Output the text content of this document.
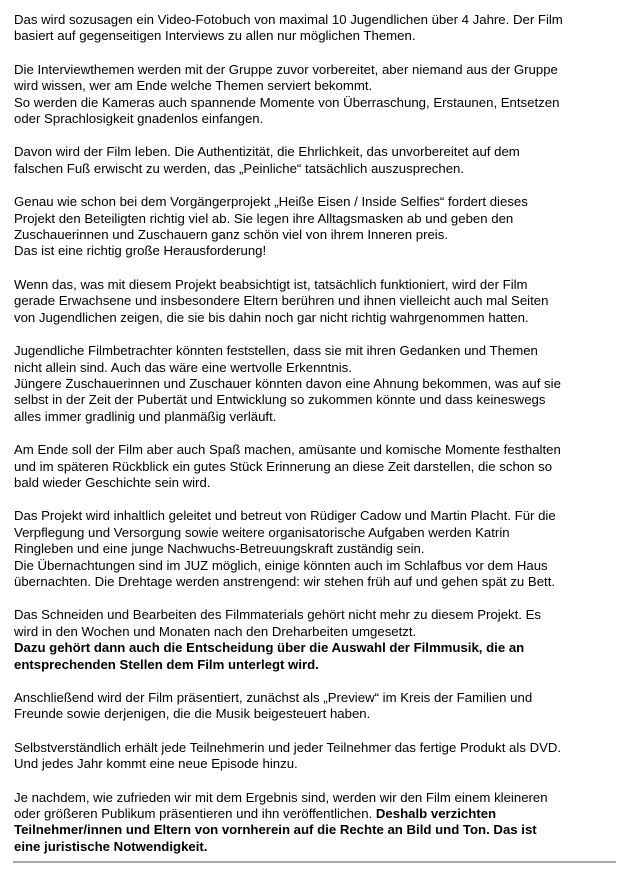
Das wird sozusagen ein Video-Fotobuch von maximal 10 Jugendlichen über 4 Jahre. Der Film
basiert auf gegenseitigen Interviews zu allen nur möglichen Themen.

Die Interviewthemen werden mit der Gruppe zuvor vorbereitet, aber niemand aus der Gruppe
wird wissen, wer am Ende welche Themen serviert bekommt.
So werden die Kameras auch spannende Momente von Überraschung, Erstaunen, Entsetzen
oder Sprachlosigkeit gnadenlos einfangen.

Davon wird der Film leben. Die Authentizität, die Ehrlichkeit, das unvorbereitet auf dem
falschen Fuß erwischt zu werden, das „Peinliche“ tatsächlich auszusprechen.

Genau wie schon bei dem Vorgängerprojekt „Heiße Eisen / Inside Selfies“ fordert dieses
Projekt den Beteiligten richtig viel ab. Sie legen ihre Alltagsmasken ab und geben den
Zuschauerinnen und Zuschauern ganz schön viel von ihrem Inneren preis.
Das ist eine richtig große Herausforderung!

Wenn das, was mit diesem Projekt beabsichtigt ist, tatsächlich funktioniert, wird der Film
gerade Erwachsene und insbesondere Eltern berühren und ihnen vielleicht auch mal Seiten
von Jugendlichen zeigen, die sie bis dahin noch gar nicht richtig wahrgenommen hatten.

Jugendliche Filmbetrachter könnten feststellen, dass sie mit ihren Gedanken und Themen
nicht allein sind. Auch das wäre eine wertvolle Erkenntnis.
Jüngere Zuschauerinnen und Zuschauer könnten davon eine Ahnung bekommen, was auf sie
selbst in der Zeit der Pubertät und Entwicklung so zukommen könnte und dass keineswegs
alles immer gradlinig und planmäßig verläuft.

Am Ende soll der Film aber auch Spaß machen, amüsante und komische Momente festhalten
und im späteren Rückblick ein gutes Stück Erinnerung an diese Zeit darstellen, die schon so
bald wieder Geschichte sein wird.

Das Projekt wird inhaltlich geleitet und betreut von Rüdiger Cadow und Martin Placht. Für die
Verpflegung und Versorgung sowie weitere organisatorische Aufgaben werden Katrin
Ringleben und eine junge Nachwuchs-Betreuungskraft zuständig sein.
Die Übernachtungen sind im JUZ möglich, einige könnten auch im Schlafbus vor dem Haus
übernachten. Die Drehtage werden anstrengend: wir stehen früh auf und gehen spät zu Bett.

Das Schneiden und Bearbeiten des Filmmaterials gehört nicht mehr zu diesem Projekt. Es
wird in den Wochen und Monaten nach den Dreharbeiten umgesetzt.
Dazu gehört dann auch die Entscheidung über die Auswahl der Filmmusik, die an
entsprechenden Stellen dem Film unterlegt wird.

Anschließend wird der Film präsentiert, zunächst als „Preview“ im Kreis der Familien und
Freunde sowie derjenigen, die die Musik beigesteuert haben.

Selbstverständlich erhält jede Teilnehmerin und jeder Teilnehmer das fertige Produkt als DVD.
Und jedes Jahr kommt eine neue Episode hinzu.

Je nachdem, wie zufrieden wir mit dem Ergebnis sind, werden wir den Film einem kleineren
oder größeren Publikum präsentieren und ihn veröffentlichen. Deshalb verzichten
Teilnehmer/innen und Eltern von vornherein auf die Rechte an Bild und Ton. Das ist
eine juristische Notwendigkeit.
